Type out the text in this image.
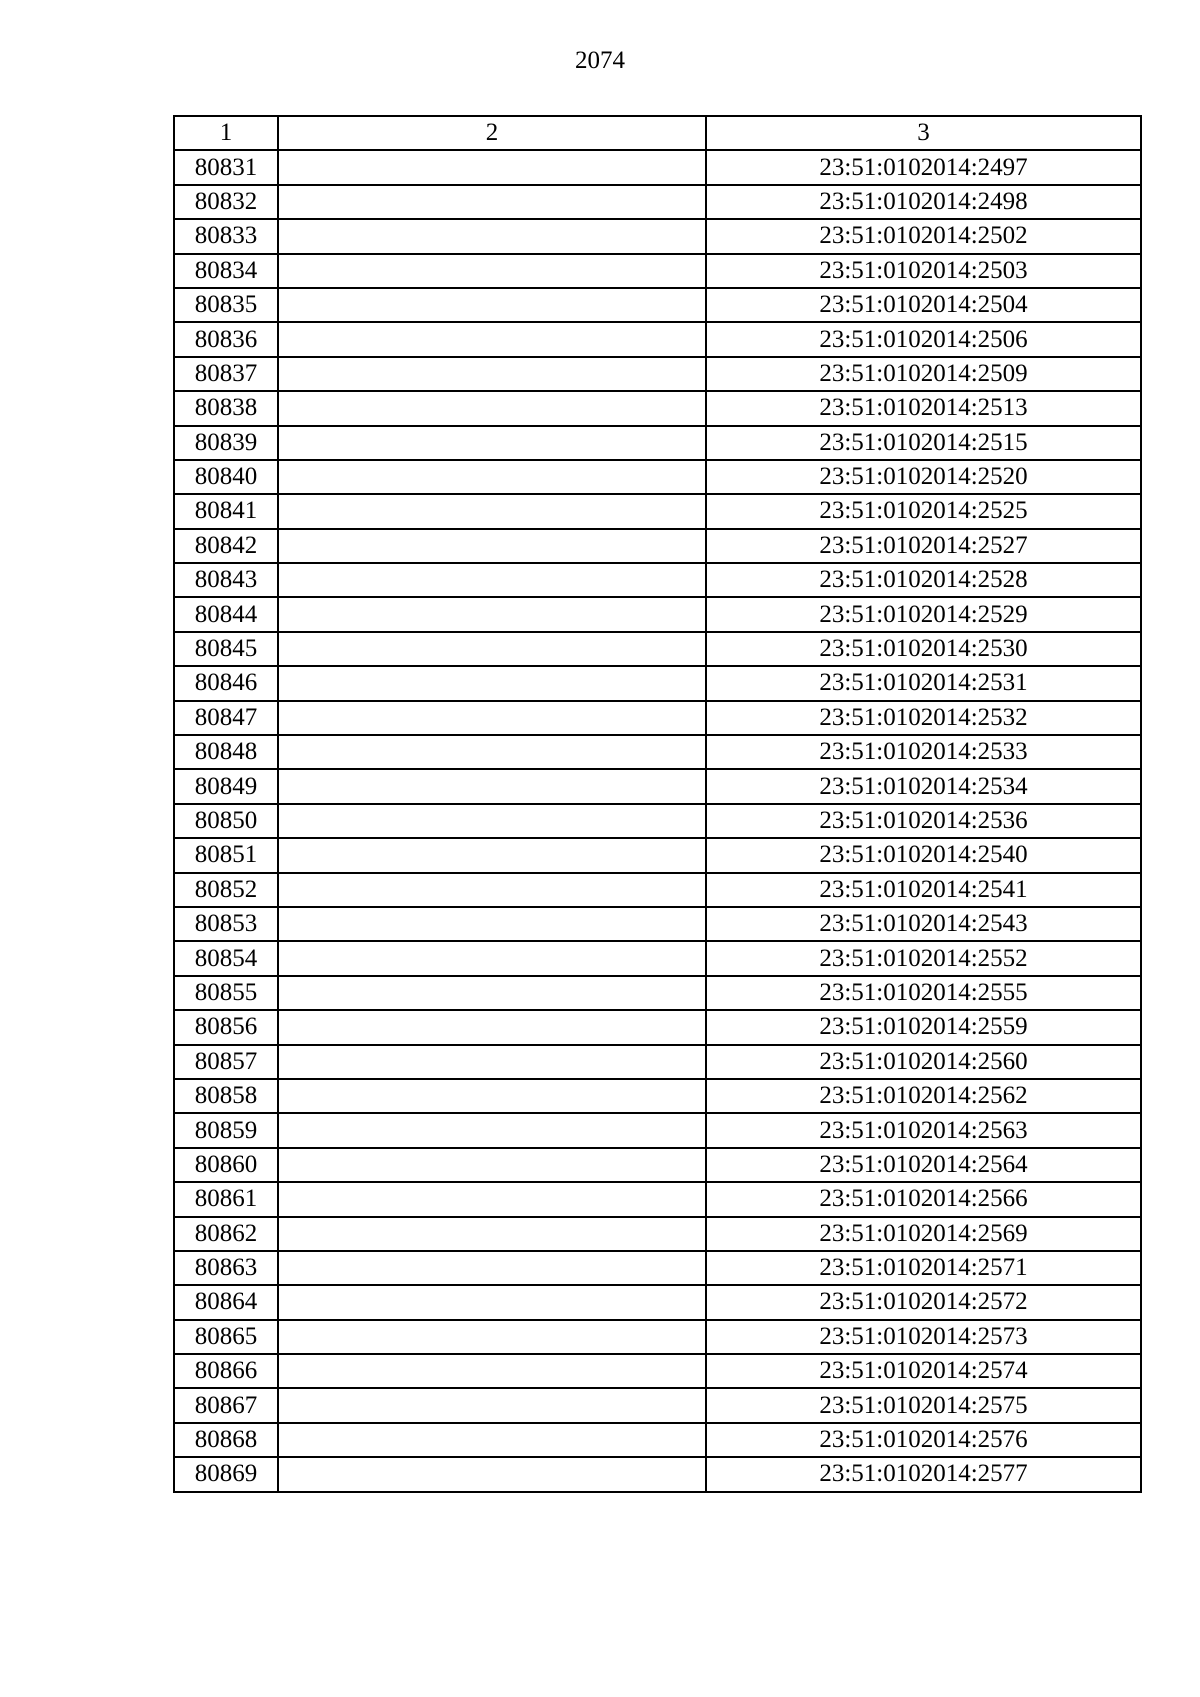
2074
1	2	3
80831		23:51:0102014:2497
80832		23:51:0102014:2498
80833		23:51:0102014:2502
80834		23:51:0102014:2503
80835		23:51:0102014:2504
80836		23:51:0102014:2506
80837		23:51:0102014:2509
80838		23:51:0102014:2513
80839		23:51:0102014:2515
80840		23:51:0102014:2520
80841		23:51:0102014:2525
80842		23:51:0102014:2527
80843		23:51:0102014:2528
80844		23:51:0102014:2529
80845		23:51:0102014:2530
80846		23:51:0102014:2531
80847		23:51:0102014:2532
80848		23:51:0102014:2533
80849		23:51:0102014:2534
80850		23:51:0102014:2536
80851		23:51:0102014:2540
80852		23:51:0102014:2541
80853		23:51:0102014:2543
80854		23:51:0102014:2552
80855		23:51:0102014:2555
80856		23:51:0102014:2559
80857		23:51:0102014:2560
80858		23:51:0102014:2562
80859		23:51:0102014:2563
80860		23:51:0102014:2564
80861		23:51:0102014:2566
80862		23:51:0102014:2569
80863		23:51:0102014:2571
80864		23:51:0102014:2572
80865		23:51:0102014:2573
80866		23:51:0102014:2574
80867		23:51:0102014:2575
80868		23:51:0102014:2576
80869		23:51:0102014:2577
